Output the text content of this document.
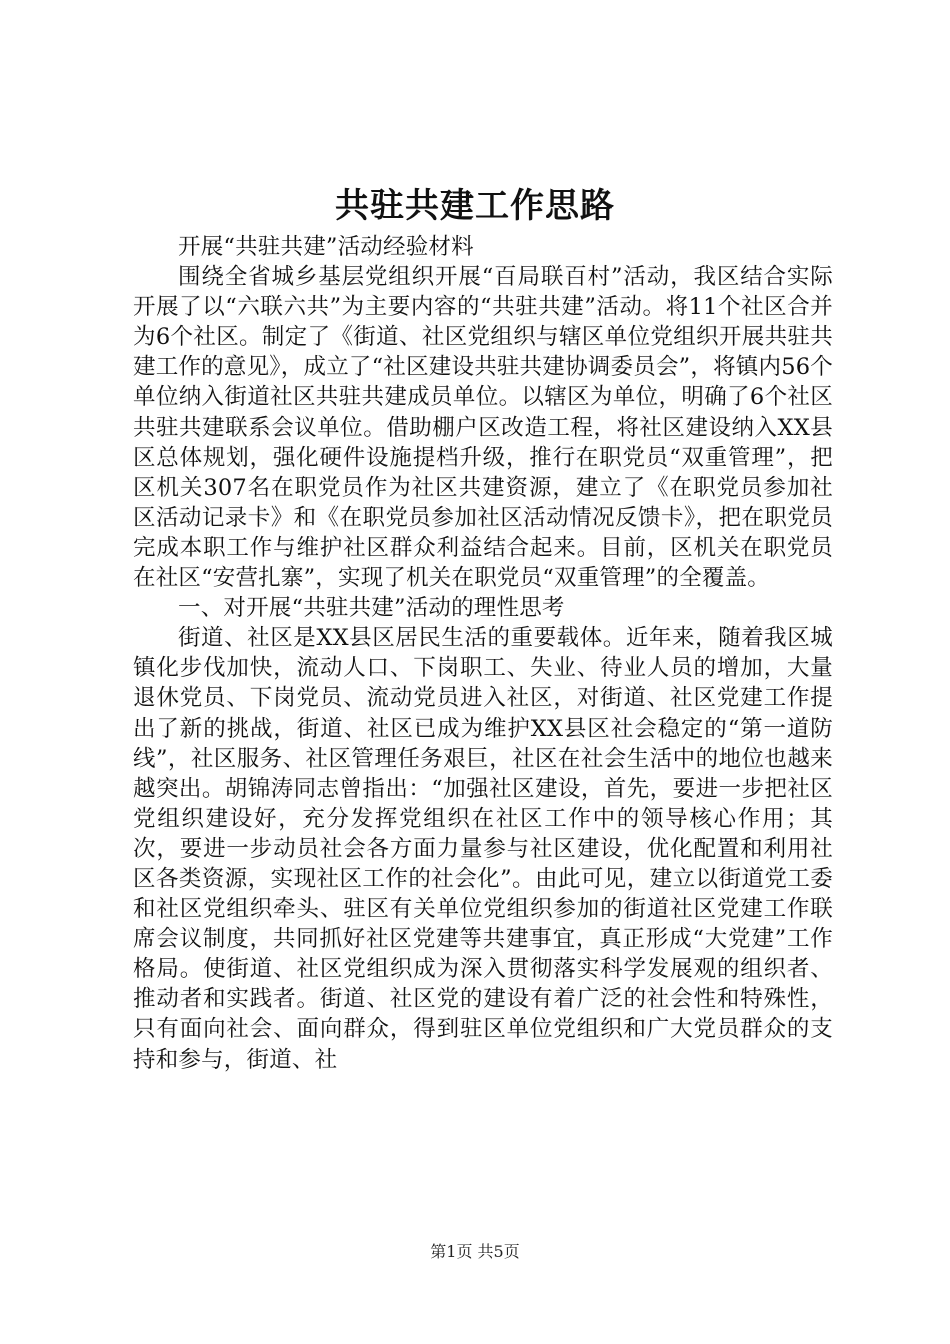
共驻共建工作思路

开展“共驻共建”活动经验材料

围绕全省城乡基层党组织开展“百局联百村”活动，我区结合实际开展了以“六联六共”为主要内容的“共驻共建”活动。将11个社区合并为6个社区。制定了《街道、社区党组织与辖区单位党组织开展共驻共建工作的意见》，成立了“社区建设共驻共建协调委员会”，将镇内56个单位纳入街道社区共驻共建成员单位。以辖区为单位，明确了6个社区共驻共建联系会议单位。借助棚户区改造工程，将社区建设纳入XX县区总体规划，强化硬件设施提档升级，推行在职党员“双重管理”，把区机关307名在职党员作为社区共建资源，建立了《在职党员参加社区活动记录卡》和《在职党员参加社区活动情况反馈卡》，把在职党员完成本职工作与维护社区群众利益结合起来。目前，区机关在职党员在社区“安营扎寨”，实现了机关在职党员“双重管理”的全覆盖。

一、对开展“共驻共建”活动的理性思考

街道、社区是XX县区居民生活的重要载体。近年来，随着我区城镇化步伐加快，流动人口、下岗职工、失业、待业人员的增加，大量退休党员、下岗党员、流动党员进入社区，对街道、社区党建工作提出了新的挑战，街道、社区已成为维护XX县区社会稳定的“第一道防线”，社区服务、社区管理任务艰巨，社区在社会生活中的地位也越来越突出。胡锦涛同志曾指出：“加强社区建设，首先，要进一步把社区党组织建设好，充分发挥党组织在社区工作中的领导核心作用；其次，要进一步动员社会各方面力量参与社区建设，优化配置和利用社区各类资源，实现社区工作的社会化”。由此可见，建立以街道党工委和社区党组织牵头、驻区有关单位党组织参加的街道社区党建工作联席会议制度，共同抓好社区党建等共建事宜，真正形成“大党建”工作格局。使街道、社区党组织成为深入贯彻落实科学发展观的组织者、推动者和实践者。街道、社区党的建设有着广泛的社会性和特殊性，只有面向社会、面向群众，得到驻区单位党组织和广大党员群众的支持和参与，街道、社

第1页 共5页
